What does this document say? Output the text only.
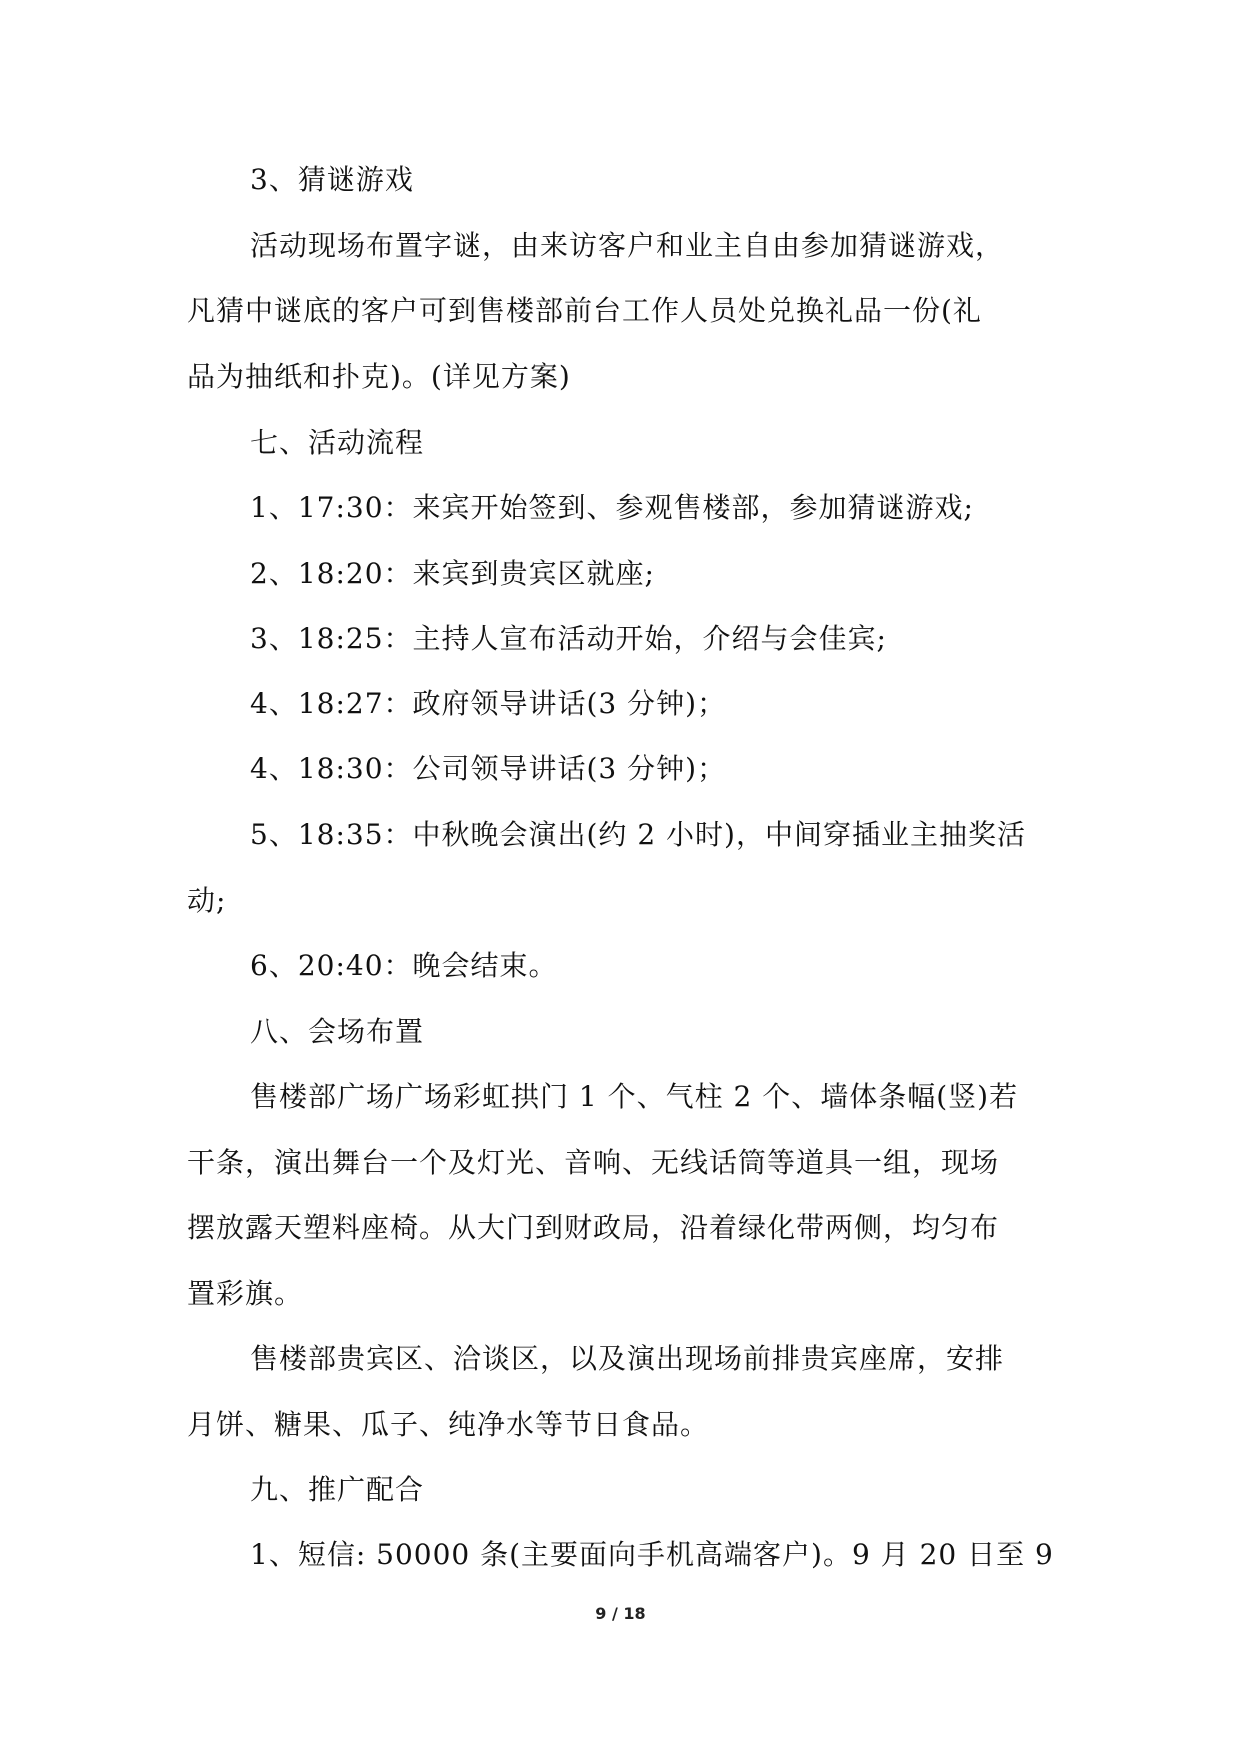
3、猜谜游戏
活动现场布置字谜，由来访客户和业主自由参加猜谜游戏，
凡猜中谜底的客户可到售楼部前台工作人员处兑换礼品一份(礼
品为抽纸和扑克)。(详见方案)
七、活动流程
1、17:30：来宾开始签到、参观售楼部，参加猜谜游戏;
2、18:20：来宾到贵宾区就座;
3、18:25：主持人宣布活动开始，介绍与会佳宾;
4、18:27：政府领导讲话(3 分钟)；
4、18:30：公司领导讲话(3 分钟)；
5、18:35：中秋晚会演出(约 2 小时)，中间穿插业主抽奖活
动;
6、20:40：晚会结束。
八、会场布置
售楼部广场广场彩虹拱门 1 个、气柱 2 个、墙体条幅(竖)若
干条，演出舞台一个及灯光、音响、无线话筒等道具一组，现场
摆放露天塑料座椅。从大门到财政局，沿着绿化带两侧，均匀布
置彩旗。
售楼部贵宾区、洽谈区，以及演出现场前排贵宾座席，安排
月饼、糖果、瓜子、纯净水等节日食品。
九、推广配合
1、短信: 50000 条(主要面向手机高端客户)。9 月 20 日至 9
9 / 18
